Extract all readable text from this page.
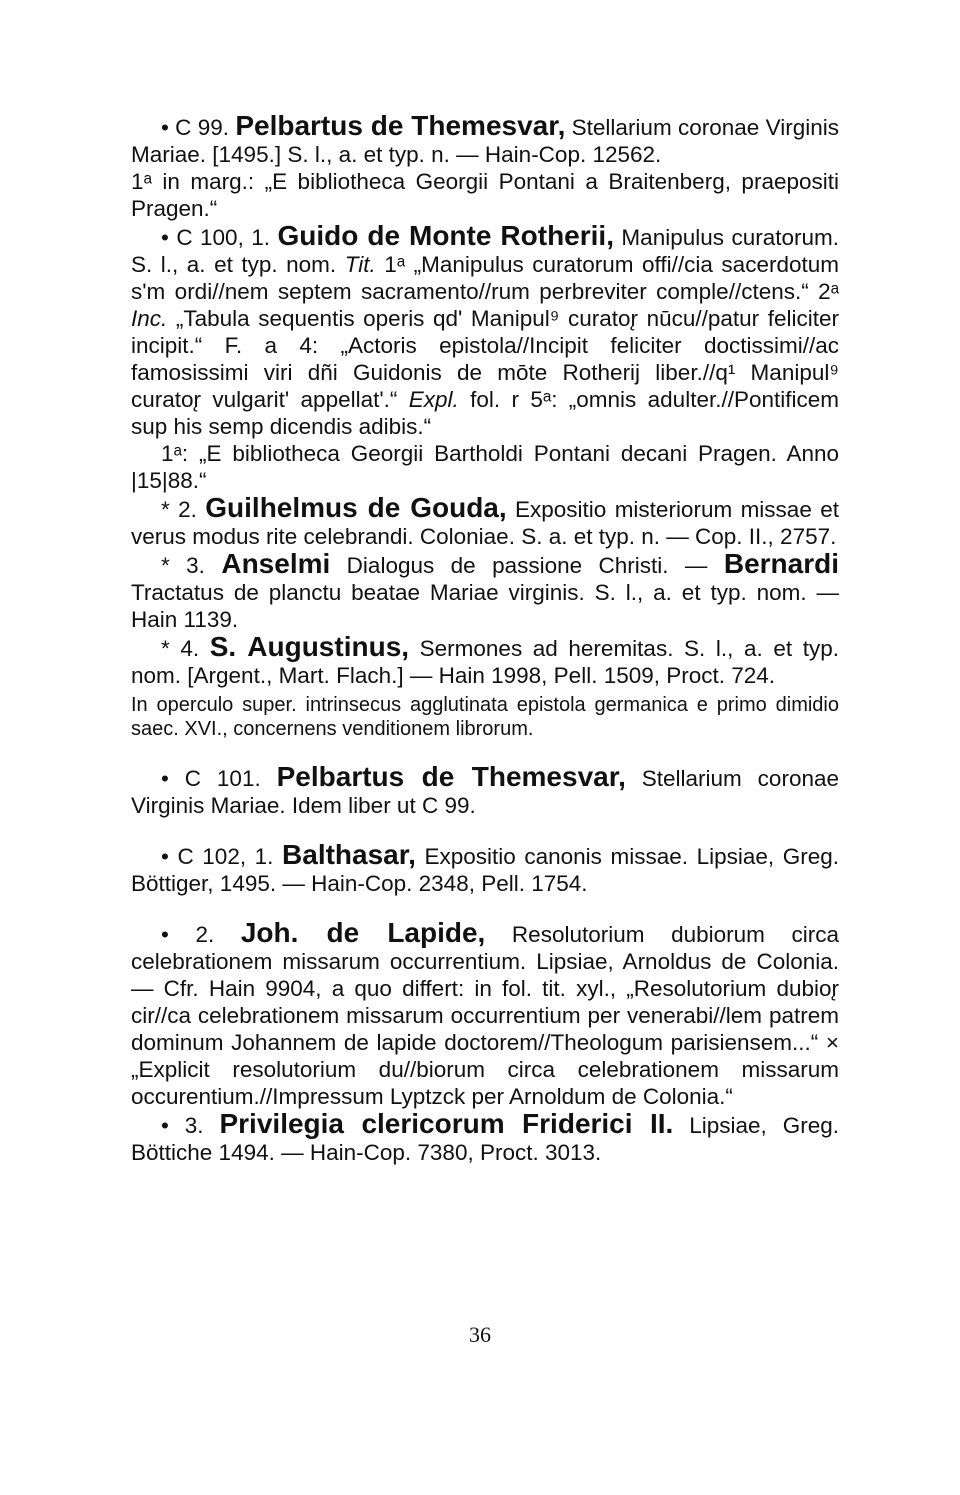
• C 99. Pelbartus de Themesvar, Stellarium coronae Virginis Mariae. [1495.] S. l., a. et typ. n. — Hain-Cop. 12562.

1ᵃ in marg.: „E bibliotheca Georgii Pontani a Braitenberg, praepositi Pragen.“

• C 100, 1. Guido de Monte Rotherii, Manipulus curatorum. S. l., a. et typ. nom. Tit. 1ᵃ „Manipulus curatorum offi//cia sacerdotum s'm ordi//nem septem sacramento//rum perbreviter comple//ctens.“ 2ᵃ Inc. „Tabula sequentis operis qd' Manipul⁹ curator̨ nūcu//patur feliciter incipit.“ F. a 4: „Actoris epistola//Incipit feliciter doctissimi//ac famosissimi viri dñi Guidonis de mōte Rotherij liber.//q¹ Manipul⁹ curator̨ vulgarit' appellat'.“ Expl. fol. r 5ᵃ: „omnis adulter.//Pontificem sup his semp dicendis adibis.“

1ᵃ: „E bibliotheca Georgii Bartholdi Pontani decani Pragen. Anno |15|88.“

* 2. Guilhelmus de Gouda, Expositio misteriorum missae et verus modus rite celebrandi. Coloniae. S. a. et typ. n. — Cop. II., 2757.

* 3. Anselmi Dialogus de passione Christi. — Bernardi Tractatus de planctu beatae Mariae virginis. S. l., a. et typ. nom. — Hain 1139.

* 4. S. Augustinus, Sermones ad heremitas. S. l., a. et typ. nom. [Argent., Mart. Flach.] — Hain 1998, Pell. 1509, Proct. 724.

In operculo super. intrinsecus agglutinata epistola germanica e primo dimidio saec. XVI., concernens venditionem librorum.

• C 101. Pelbartus de Themesvar, Stellarium coronae Virginis Mariae. Idem liber ut C 99.

• C 102, 1. Balthasar, Expositio canonis missae. Lipsiae, Greg. Böttiger, 1495. — Hain-Cop. 2348, Pell. 1754.

• 2. Joh. de Lapide, Resolutorium dubiorum circa celebrationem missarum occurrentium. Lipsiae, Arnoldus de Colonia. — Cfr. Hain 9904, a quo differt: in fol. tit. xyl., „Resolutorium dubior̨ cir//ca celebrationem missarum occurrentium per venerabi//lem patrem dominum Johannem de lapide doctorem//Theologum parisiensem...“ × „Explicit resolutorium du//biorum circa celebrationem missarum occurentium.//Impressum Lyptzck per Arnoldum de Colonia.“

• 3. Privilegia clericorum Friderici II. Lipsiae, Greg. Böttiche 1494. — Hain-Cop. 7380, Proct. 3013.

36
